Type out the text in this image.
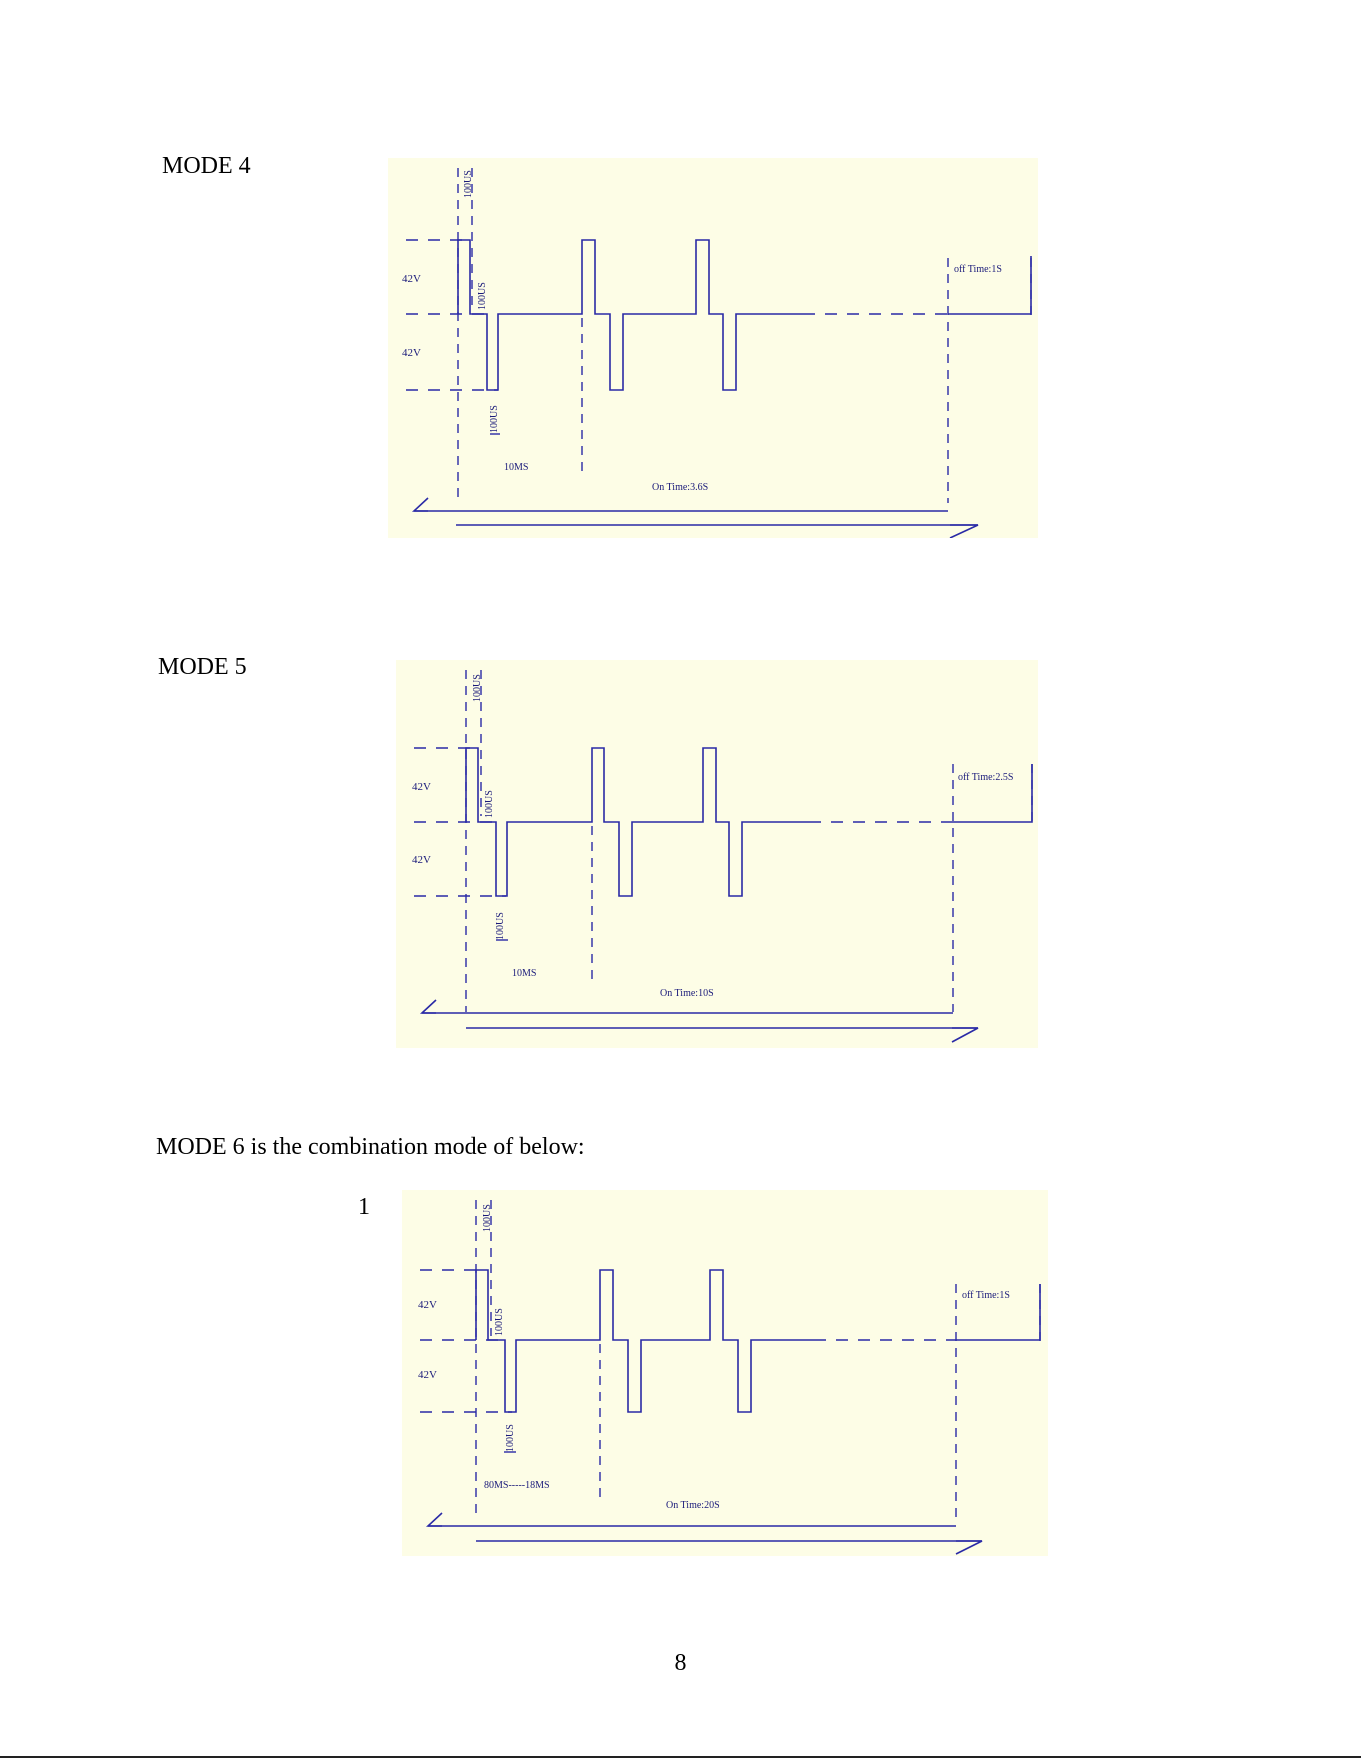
MODE 4
42V
42V
100US
100US
100US
10MS
On Time:3.6S
off Time:1S
MODE 5
42V
42V
100US
100US
100US
10MS
On Time:10S
off Time:2.5S
MODE 6 is the combination mode of below:
1
42V
42V
100US
100US
100US
80MS-----18MS
On Time:20S
off Time:1S
8
